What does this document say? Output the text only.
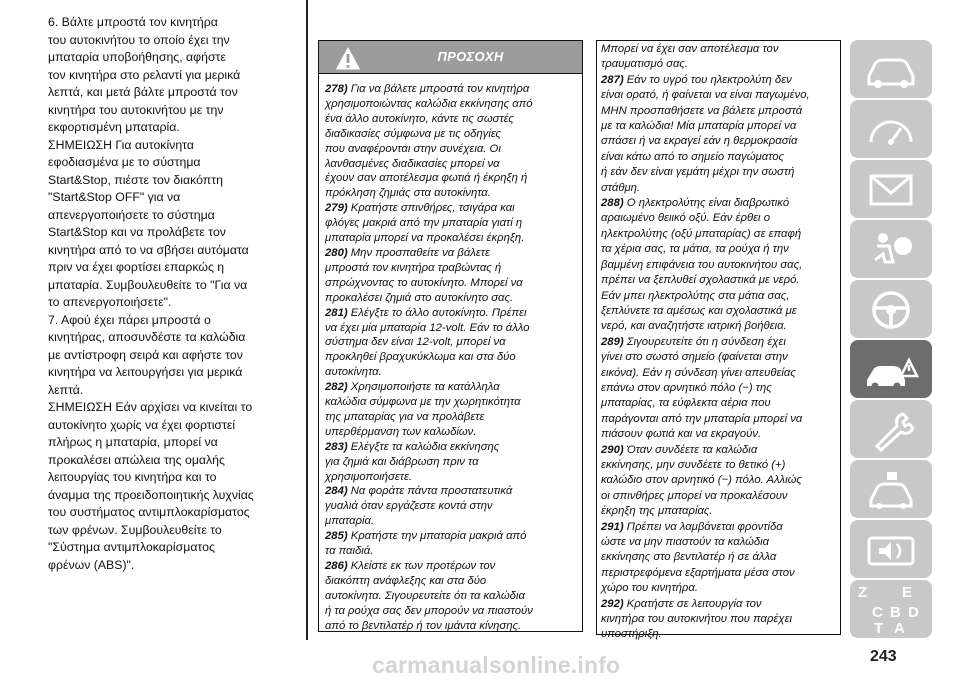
6. Βάλτε μπροστά τον κινητήρα
του αυτοκινήτου το οποίο έχει την
μπαταρία υποβοήθησης, αφήστε
τον κινητήρα στο ρελαντί για μερικά
λεπτά, και μετά βάλτε μπροστά τον
κινητήρα του αυτοκινήτου με την
εκφορτισμένη μπαταρία.

ΣΗΜΕΙΩΣΗ Για αυτοκίνητα
εφοδιασμένα με το σύστημα
Start&Stop, πιέστε τον διακόπτη
"Start&Stop OFF" για να
απενεργοποιήσετε το σύστημα
Start&Stop και να προλάβετε τον
κινητήρα από το να σβήσει αυτόματα
πριν να έχει φορτίσει επαρκώς η
μπαταρία. Συμβουλευθείτε το "Για να
το απενεργοποιήσετε".

7. Αφού έχει πάρει μπροστά ο
κινητήρας, αποσυνδέστε τα καλώδια
με αντίστροφη σειρά και αφήστε τον
κινητήρα να λειτουργήσει για μερικά
λεπτά.

ΣΗΜΕΙΩΣΗ Εάν αρχίσει να κινείται το
αυτοκίνητο χωρίς να έχει φορτιστεί
πλήρως η μπαταρία, μπορεί να
προκαλέσει απώλεια της ομαλής
λειτουργίας του κινητήρα και το
άναμμα της προειδοποιητικής λυχνίας
του συστήματος αντιμπλοκαρίσματος
των φρένων. Συμβουλευθείτε το
"Σύστημα αντιμπλοκαρίσματος
φρένων (ABS)".

ΠΡΟΣΟΧΗ

278) Για να βάλετε μπροστά τον κινητήρα
χρησιμοποιώντας καλώδια εκκίνησης από
ένα άλλο αυτοκίνητο, κάντε τις σωστές
διαδικασίες σύμφωνα με τις οδηγίες
που αναφέρονται στην συνέχεια. Οι
λανθασμένες διαδικασίες μπορεί να
έχουν σαν αποτέλεσμα φωτιά ή έκρηξη ή
πρόκληση ζημιάς στα αυτοκίνητα.

279) Κρατήστε σπινθήρες, τσιγάρα και
φλόγες μακριά από την μπαταρία γιατί η
μπαταρία μπορεί να προκαλέσει έκρηξη.

280) Μην προσπαθείτε να βάλετε
μπροστά τον κινητήρα τραβώντας ή
σπρώχνοντας το αυτοκίνητο. Μπορεί να
προκαλέσει ζημιά στο αυτοκίνητο σας.

281) Ελέγξτε το άλλο αυτοκίνητο. Πρέπει
να έχει μία μπαταρία 12-volt. Εάν το άλλο
σύστημα δεν είναι 12-volt, μπορεί να
προκληθεί βραχυκύκλωμα και στα δύο
αυτοκίνητα.

282) Χρησιμοποιήστε τα κατάλληλα
καλώδια σύμφωνα με την χωρητικότητα
της μπαταρίας για να προλάβετε
υπερθέρμανση των καλωδίων.

283) Ελέγξτε τα καλώδια εκκίνησης
για ζημιά και διάβρωση πριν τα
χρησιμοποιήσετε.

284) Να φοράτε πάντα προστατευτικά
γυαλιά όταν εργάζεστε κοντά στην
μπαταρία.

285) Κρατήστε την μπαταρία μακριά από
τα παιδιά.

286) Κλείστε εκ των προτέρων τον
διακόπτη ανάφλεξης και στα δύο
αυτοκίνητα. Σιγουρευτείτε ότι τα καλώδια
ή τα ρούχα σας δεν μπορούν να πιαστούν
από το βεντιλατέρ ή τον ιμάντα κίνησης.

Μπορεί να έχει σαν αποτέλεσμα τον
τραυματισμό σας.

287) Εάν το υγρό του ηλεκτρολύτη δεν
είναι ορατό, ή φαίνεται να είναι παγωμένο,
ΜΗΝ προσπαθήσετε να βάλετε μπροστά
με τα καλώδια! Μία μπαταρία μπορεί να
σπάσει ή να εκραγεί εάν η θερμοκρασία
είναι κάτω από το σημείο παγώματος
ή εάν δεν είναι γεμάτη μέχρι την σωστή
στάθμη.

288) Ο ηλεκτρολύτης είναι διαβρωτικό
αραιωμένο θειικό οξύ. Εάν έρθει ο
ηλεκτρολύτης (οξύ μπαταρίας) σε επαφή
τα χέρια σας, τα μάτια, τα ρούχα ή την
βαμμένη επιφάνεια του αυτοκινήτου σας,
πρέπει να ξεπλυθεί σχολαστικά με νερό.
Εάν μπει ηλεκτρολύτης στα μάτια σας,
ξεπλύνετε τα αμέσως και σχολαστικά με
νερό, και αναζητήστε ιατρική βοήθεια.

289) Σιγουρευτείτε ότι η σύνδεση έχει
γίνει στο σωστό σημείο (φαίνεται στην
εικόνα). Εάν η σύνδεση γίνει απευθείας
επάνω στον αρνητικό πόλο (−) της
μπαταρίας, τα εύφλεκτα αέρια που
παράγονται από την μπαταρία μπορεί να
πιάσουν φωτιά και να εκραγούν.

290) Όταν συνδέετε τα καλώδια
εκκίνησης, μην συνδέετε το θετικό (+)
καλώδιο στον αρνητικό (−) πόλο. Αλλιώς
οι σπινθήρες μπορεί να προκαλέσουν
έκρηξη της μπαταρίας.

291) Πρέπει να λαμβάνεται φροντίδα
ώστε να μην πιαστούν τα καλώδια
εκκίνησης στο βεντιλατέρ ή σε άλλα
περιστρεφόμενα εξαρτήματα μέσα στον
χώρο του κινητήρα.

292) Κρατήστε σε λειτουργία τον
κινητήρα του αυτοκινήτου που παρέχει
υποστήριξη.

Z E
B D
C
T A
carmanualsonline.info	243
